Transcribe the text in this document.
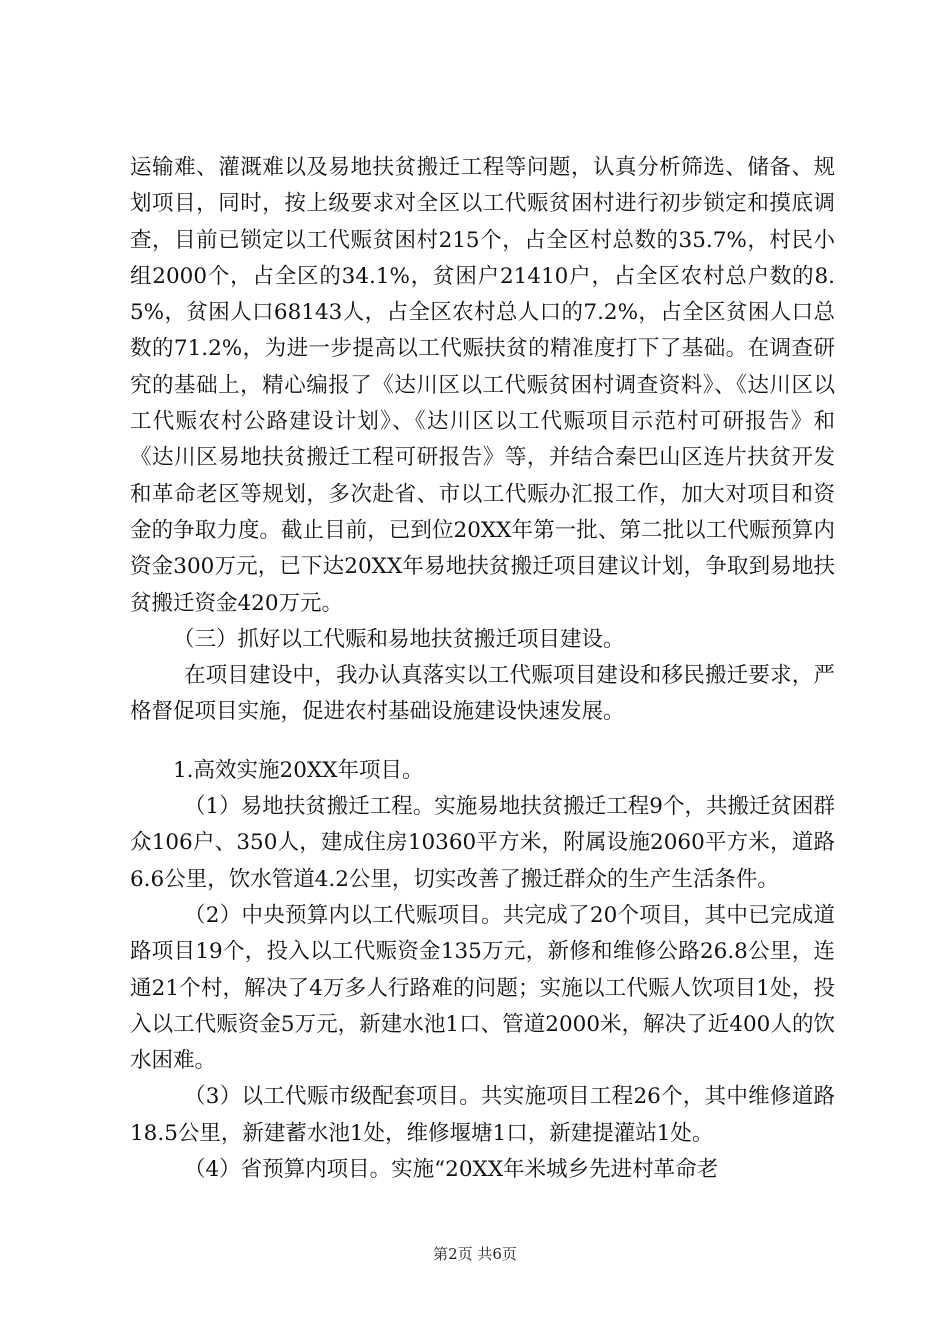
运输难、灌溉难以及易地扶贫搬迁工程等问题，认真分析筛选、储备、规划项目，同时，按上级要求对全区以工代赈贫困村进行初步锁定和摸底调查，目前已锁定以工代赈贫困村215个，占全区村总数的35.7%，村民小组2000个，占全区的34.1%，贫困户21410户，占全区农村总户数的8.5%，贫困人口68143人，占全区农村总人口的7.2%，占全区贫困人口总数的71.2%，为进一步提高以工代赈扶贫的精准度打下了基础。在调查研究的基础上，精心编报了《达川区以工代赈贫困村调查资料》、《达川区以工代赈农村公路建设计划》、《达川区以工代赈项目示范村可研报告》和《达川区易地扶贫搬迁工程可研报告》等，并结合秦巴山区连片扶贫开发和革命老区等规划，多次赴省、市以工代赈办汇报工作，加大对项目和资金的争取力度。截止目前，已到位20XX年第一批、第二批以工代赈预算内资金300万元，已下达20XX年易地扶贫搬迁项目建议计划，争取到易地扶贫搬迁资金420万元。

（三）抓好以工代赈和易地扶贫搬迁项目建设。

在项目建设中，我办认真落实以工代赈项目建设和移民搬迁要求，严格督促项目实施，促进农村基础设施建设快速发展。

1.高效实施20XX年项目。

（1）易地扶贫搬迁工程。实施易地扶贫搬迁工程9个，共搬迁贫困群众106户、350人，建成住房10360平方米，附属设施2060平方米，道路6.6公里，饮水管道4.2公里，切实改善了搬迁群众的生产生活条件。

（2）中央预算内以工代赈项目。共完成了20个项目，其中已完成道路项目19个，投入以工代赈资金135万元，新修和维修公路26.8公里，连通21个村，解决了4万多人行路难的问题；实施以工代赈人饮项目1处，投入以工代赈资金5万元，新建水池1口、管道2000米，解决了近400人的饮水困难。

（3）以工代赈市级配套项目。共实施项目工程26个，其中维修道路18.5公里，新建蓄水池1处，维修堰塘1口，新建提灌站1处。

（4）省预算内项目。实施“20XX年米城乡先进村革命老

第2页 共6页
